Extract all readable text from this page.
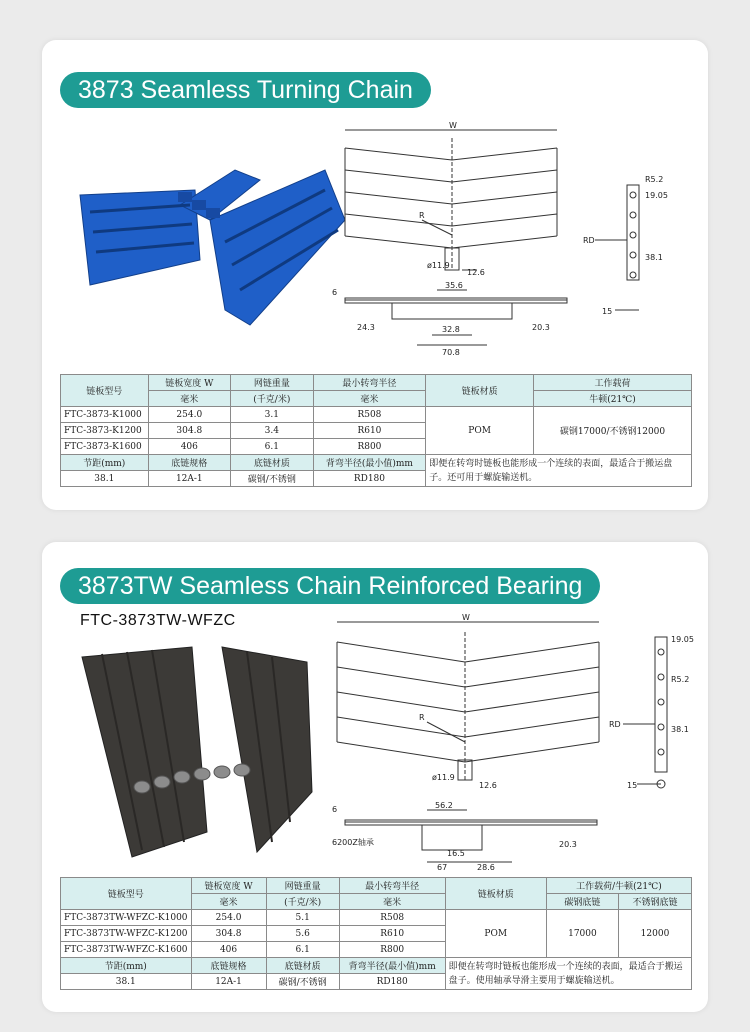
3873 Seamless Turning Chain
W
R
12.6
ø11.9
35.6
6
24.3	32.8
70.8
20.3
R5.2
19.05
RD
38.1
15
链板型号	链板宽度 W	网链重量	最小转弯半径	链板材质	工作载荷
	毫米	(千克/米)	毫米		牛顿(21℃)
FTC-3873-K1000	254.0	3.1	R508	POM	碳钢17000/不锈钢12000
FTC-3873-K1200	304.8	3.4	R610		
FTC-3873-K1600	406	6.1	R800		
节距(mm)	底链规格	底链材质	背弯半径(最小值)mm	即便在转弯时链板也能形成一个连续的表面，最适合于搬运盘子。还可用于螺旋输送机。	
38.1	12A-1	碳钢/不锈钢	RD180		
3873TW Seamless Chain Reinforced Bearing
FTC-3873TW-WFZC	W
R
12.6
ø11.9
56.2
6
6200Z轴承
16.5
67	28.6
20.3
R5.2
19.05
RD
38.1
15
链板型号	链板宽度 W	网链重量	最小转弯半径	链板材质	工作载荷/牛顿(21℃)	
	毫米	(千克/米)	毫米		碳钢底链	不锈钢底链
FTC-3873TW-WFZC-K1000	254.0	5.1	R508	POM	17000	12000
FTC-3873TW-WFZC-K1200	304.8	5.6	R610			
FTC-3873TW-WFZC-K1600	406	6.1	R800			
节距(mm)	底链规格	底链材质	背弯半径(最小值)mm	即便在转弯时链板也能形成一个连续的表面，最适合于搬运盘子。使用轴承导滑主要用于螺旋输送机。		
38.1	12A-1	碳钢/不锈钢	RD180			
